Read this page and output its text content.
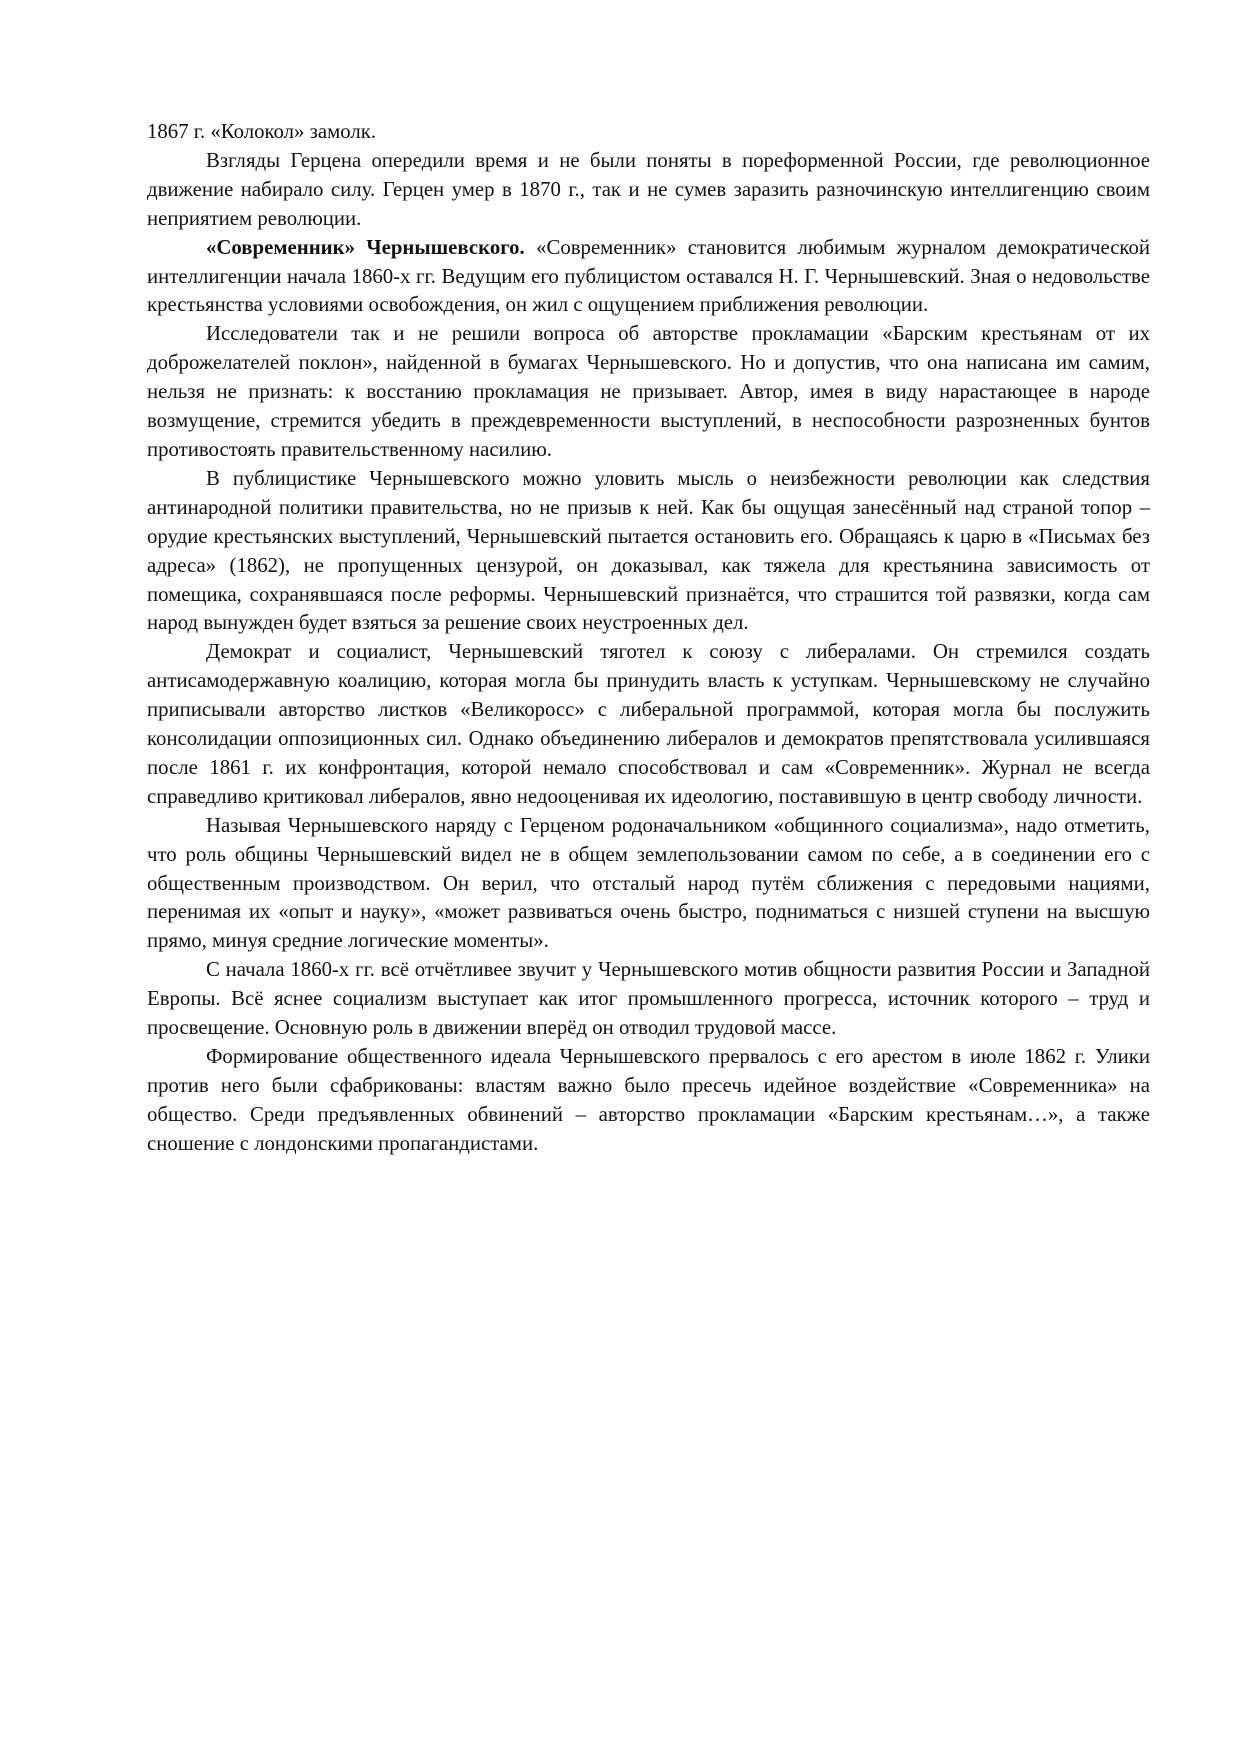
1867 г. «Колокол» замолк.

Взгляды Герцена опередили время и не были поняты в пореформенной России, где революционное движение набирало силу. Герцен умер в 1870 г., так и не сумев заразить разночинскую интеллигенцию своим неприятием революции.

«Современник» Чернышевского. «Современник» становится любимым журналом демократической интеллигенции начала 1860-х гг. Ведущим его публицистом оставался Н. Г. Чернышевский. Зная о недовольстве крестьянства условиями освобождения, он жил с ощущением приближения революции.

Исследователи так и не решили вопроса об авторстве прокламации «Барским крестьянам от их доброжелателей поклон», найденной в бумагах Чернышевского. Но и допустив, что она написана им самим, нельзя не признать: к восстанию прокламация не призывает. Автор, имея в виду нарастающее в народе возмущение, стремится убедить в преждевременности выступлений, в неспособности разрозненных бунтов противостоять правительственному насилию.

В публицистике Чернышевского можно уловить мысль о неизбежности революции как следствия антинародной политики правительства, но не призыв к ней. Как бы ощущая занесённый над страной топор – орудие крестьянских выступлений, Чернышевский пытается остановить его. Обращаясь к царю в «Письмах без адреса» (1862), не пропущенных цензурой, он доказывал, как тяжела для крестьянина зависимость от помещика, сохранявшаяся после реформы. Чернышевский признаётся, что страшится той развязки, когда сам народ вынужден будет взяться за решение своих неустроенных дел.

Демократ и социалист, Чернышевский тяготел к союзу с либералами. Он стремился создать антисамодержавную коалицию, которая могла бы принудить власть к уступкам. Чернышевскому не случайно приписывали авторство листков «Великоросс» с либеральной программой, которая могла бы послужить консолидации оппозиционных сил. Однако объединению либералов и демократов препятствовала усилившаяся после 1861 г. их конфронтация, которой немало способствовал и сам «Современник». Журнал не всегда справедливо критиковал либералов, явно недооценивая их идеологию, поставившую в центр свободу личности.

Называя Чернышевского наряду с Герценом родоначальником «общинного социализма», надо отметить, что роль общины Чернышевский видел не в общем землепользовании самом по себе, а в соединении его с общественным производством. Он верил, что отсталый народ путём сближения с передовыми нациями, перенимая их «опыт и науку», «может развиваться очень быстро, подниматься с низшей ступени на высшую прямо, минуя средние логические моменты».

С начала 1860-х гг. всё отчётливее звучит у Чернышевского мотив общности развития России и Западной Европы. Всё яснее социализм выступает как итог промышленного прогресса, источник которого – труд и просвещение. Основную роль в движении вперёд он отводил трудовой массе.

Формирование общественного идеала Чернышевского прервалось с его арестом в июле 1862 г. Улики против него были сфабрикованы: властям важно было пресечь идейное воздействие «Современника» на общество. Среди предъявленных обвинений – авторство прокламации «Барским крестьянам…», а также сношение с лондонскими пропагандистами.
